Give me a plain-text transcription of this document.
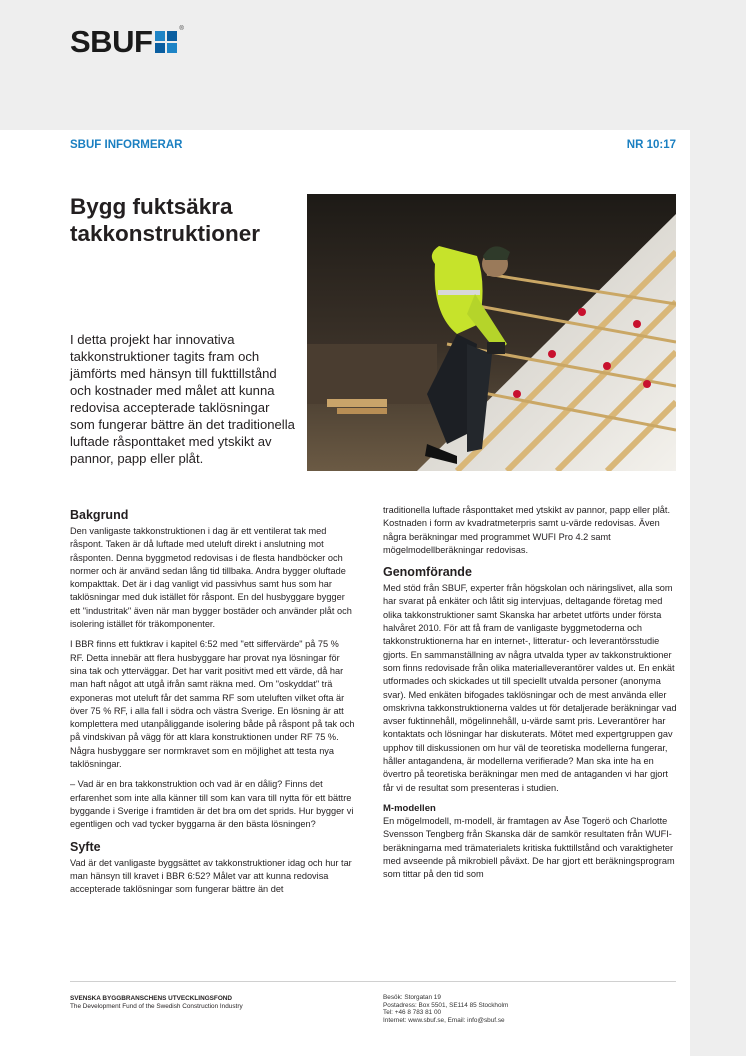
SBUF	®
SBUF INFORMERAR	NR 10:17
Bygg fuktsäkra takkonstruktioner

I detta projekt har innovativa takkonstruktioner tagits fram och jämförts med hänsyn till fukttillstånd och kostnader med målet att kunna redovisa accepterade taklösningar som fungerar bättre än det traditionella luftade råsponttaket med ytskikt av pannor, papp eller plåt.

Bakgrund

Den vanligaste takkonstruktionen i dag är ett ventilerat tak med råspont. Taken är då luftade med uteluft direkt i anslutning mot råsponten. Denna byggmetod redovisas i de flesta handböcker och normer och är använd sedan lång tid tillbaka. Andra bygger oluftade kompakttak. Det är i dag vanligt vid passivhus samt hus som har taklösningar med duk istället för råspont. En del husbyggare bygger ett "industritak" även när man bygger bostäder och använder plåt och isolering istället för träkomponenter.

I BBR finns ett fuktkrav i kapitel 6:52 med "ett siffervärde" på 75 % RF. Detta innebär att flera husbyggare har provat nya lösningar för sina tak och ytterväggar. Det har varit positivt med ett värde, då har man haft något att utgå ifrån samt räkna med. Om "oskyddat" trä exponeras mot uteluft får det samma RF som uteluften vilket ofta är över 75 % RF, i alla fall i södra och västra Sverige. En lösning är att komplettera med utanpåliggande isolering både på råspont på tak och på vindskivan på vägg för att klara konstruktionen under RF 75 %. Några husbyggare ser normkravet som en möjlighet att testa nya taklösningar.

– Vad är en bra takkonstruktion och vad är en dålig? Finns det erfarenhet som inte alla känner till som kan vara till nytta för ett bättre byggande i Sverige i framtiden är det bra om det sprids. Hur bygger vi egentligen och vad tycker byggarna är den bästa lösningen?

Syfte

Vad är det vanligaste byggsättet av takkonstruktioner idag och hur tar man hänsyn till kravet i BBR 6:52? Målet var att kunna redovisa accepterade taklösningar som fungerar bättre än det

traditionella luftade råsponttaket med ytskikt av pannor, papp eller plåt. Kostnaden i form av kvadratmeterpris samt u-värde redovisas. Även några beräkningar med programmet WUFI Pro 4.2 samt mögelmodellberäkningar redovisas.

Genomförande

Med stöd från SBUF, experter från högskolan och näringslivet, alla som har svarat på enkäter och låtit sig intervjuas, deltagande företag med olika takkonstruktioner samt Skanska har arbetet utförts under första halvåret 2010. För att få fram de vanligaste byggmetoderna och takkonstruktionerna har en internet-, litteratur- och leverantörsstudie gjorts. En sammanställning av några utvalda typer av takkonstruktioner som finns redovisade från olika materialleverantörer valdes ut. En enkät utformades och skickades ut till speciellt utvalda personer (anonyma svar). Med enkäten bifogades taklösningar och de mest använda eller omskrivna takkonstruktionerna valdes ut för detaljerade beräkningar vad avser fuktinnehåll, mögelinnehåll, u-värde samt pris. Leverantörer har kontaktats och lösningar har diskuterats. Mötet med expertgruppen gav upphov till diskussionen om hur väl de teoretiska modellerna fungerar, håller antagandena, är modellerna verifierade? Man ska inte ha en övertro på teoretiska beräkningar men med de antaganden vi har gjort får vi de resultat som presenteras i studien.

M-modellen

En mögelmodell, m-modell, är framtagen av Åse Togerö och Charlotte Svensson Tengberg från Skanska där de samkör resultaten från WUFI-beräkningarna med trämaterialets kritiska fukttillstånd och varaktigheter med avseende på mikrobiell påväxt. De har gjort ett beräkningsprogram som tittar på den tid som

SVENSKA BYGGBRANSCHENS UTVECKLINGSFOND
The Development Fund of the Swedish Construction Industry
Besök: Storgatan 19
Postadress: Box 5501, SE114 85 Stockholm
Tel: +46 8 783 81 00
Internet: www.sbuf.se, Email: info@sbuf.se
